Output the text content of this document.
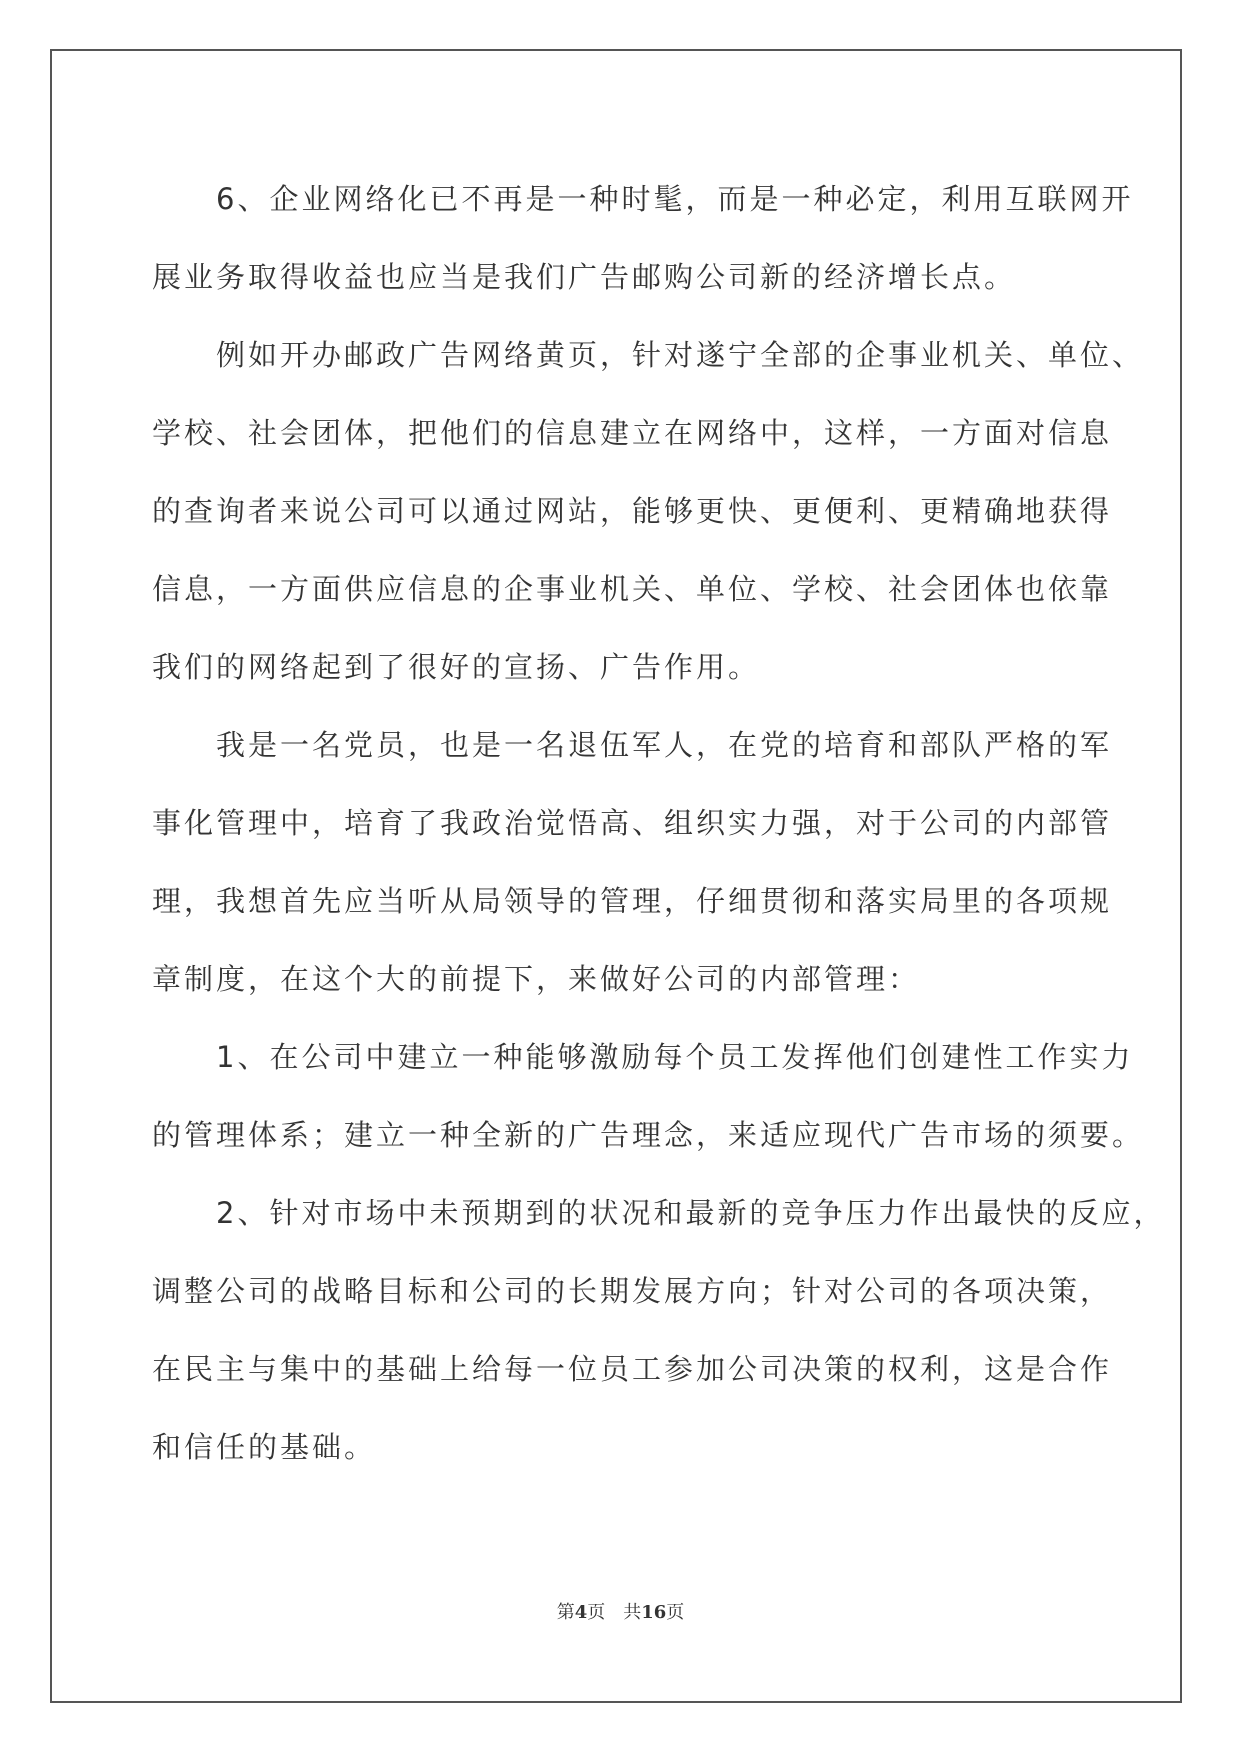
　　6、企业网络化已不再是一种时髦，而是一种必定，利用互联网开

展业务取得收益也应当是我们广告邮购公司新的经济增长点。

　　例如开办邮政广告网络黄页，针对遂宁全部的企事业机关、单位、

学校、社会团体，把他们的信息建立在网络中，这样，一方面对信息

的查询者来说公司可以通过网站，能够更快、更便利、更精确地获得

信息，一方面供应信息的企事业机关、单位、学校、社会团体也依靠

我们的网络起到了很好的宣扬、广告作用。

　　我是一名党员，也是一名退伍军人，在党的培育和部队严格的军

事化管理中，培育了我政治觉悟高、组织实力强，对于公司的内部管

理，我想首先应当听从局领导的管理，仔细贯彻和落实局里的各项规

章制度，在这个大的前提下，来做好公司的内部管理：

　　1、在公司中建立一种能够激励每个员工发挥他们创建性工作实力

的管理体系；建立一种全新的广告理念，来适应现代广告市场的须要。

　　2、针对市场中未预期到的状况和最新的竞争压力作出最快的反应，

调整公司的战略目标和公司的长期发展方向；针对公司的各项决策，

在民主与集中的基础上给每一位员工参加公司决策的权利，这是合作

和信任的基础。

第4页　共16页
